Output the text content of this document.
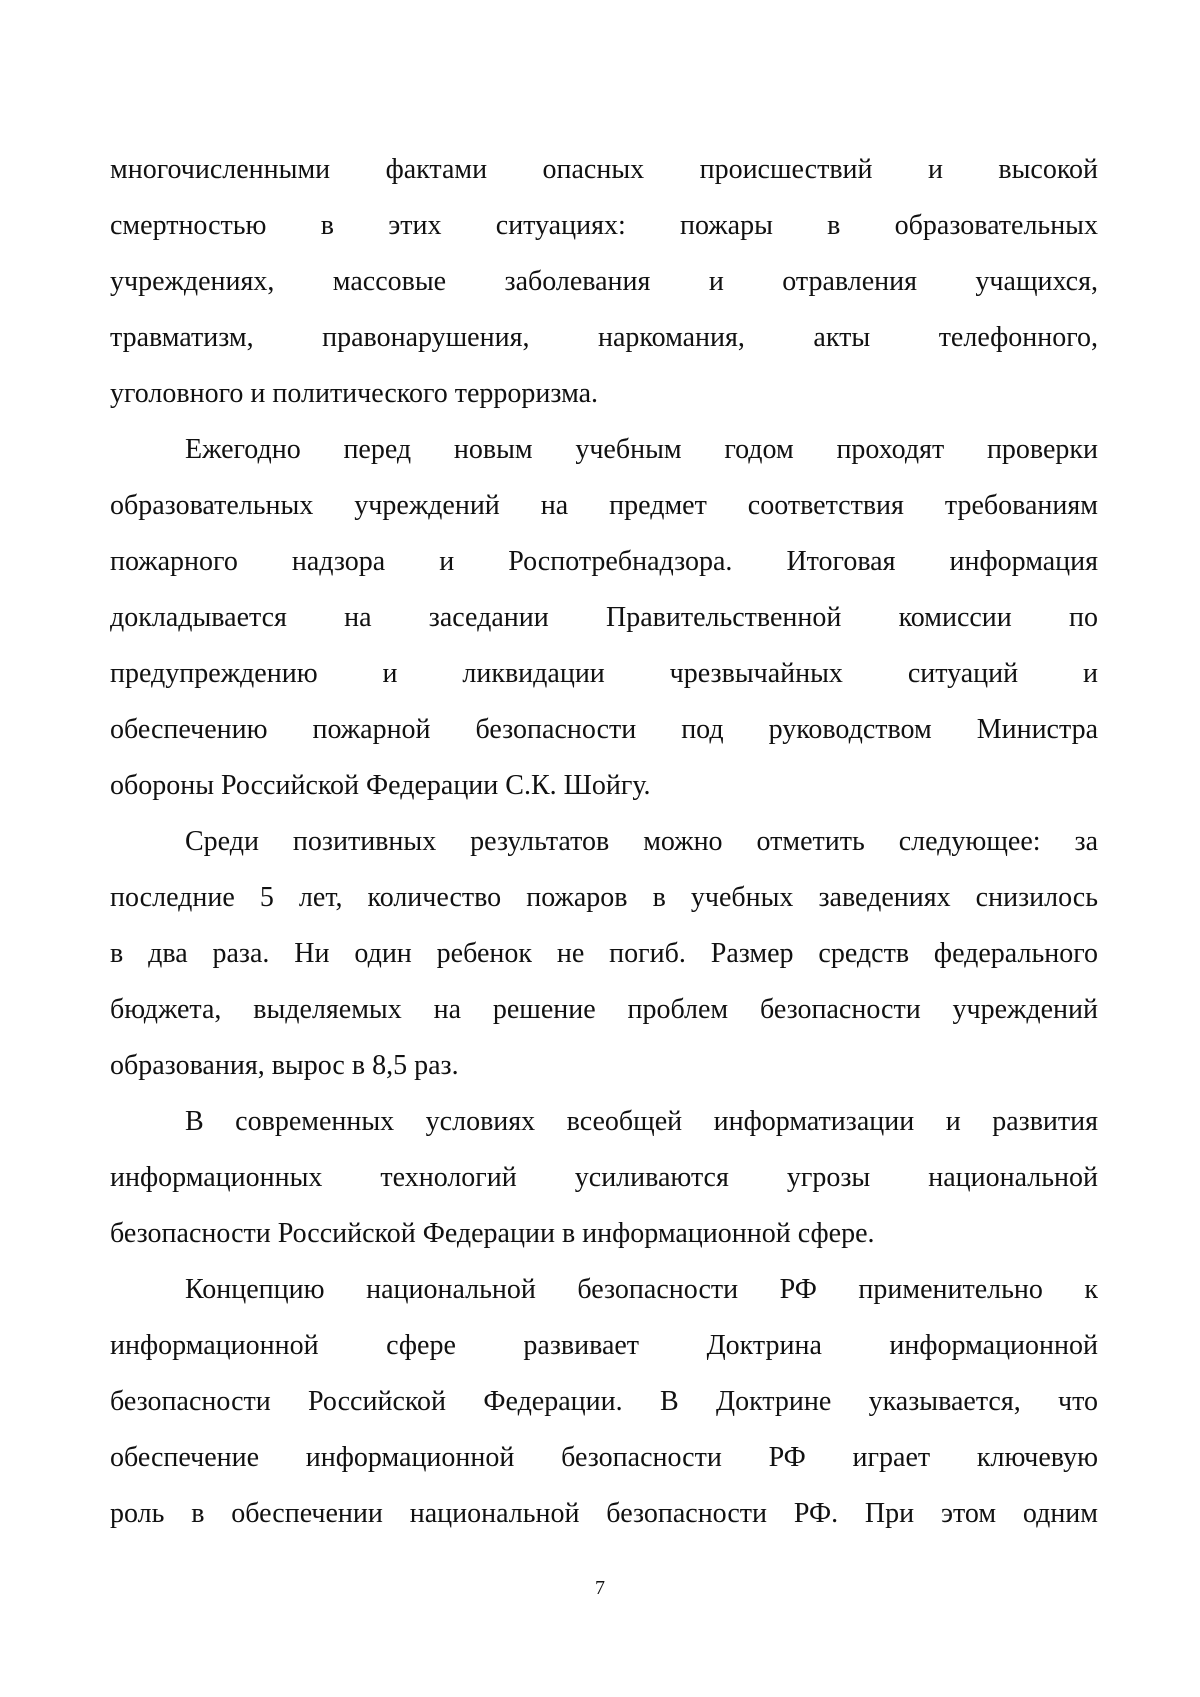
многочисленными фактами опасных происшествий и высокой
смертностью в этих ситуациях: пожары в образовательных
учреждениях, массовые заболевания и отравления учащихся,
травматизм, правонарушения, наркомания, акты телефонного,
уголовного и политического терроризма.
Ежегодно перед новым учебным годом проходят проверки
образовательных учреждений на предмет соответствия требованиям
пожарного надзора и Роспотребнадзора. Итоговая информация
докладывается на заседании Правительственной комиссии по
предупреждению и ликвидации чрезвычайных ситуаций и
обеспечению пожарной безопасности под руководством Министра
обороны Российской Федерации С.К. Шойгу.
Среди позитивных результатов можно отметить следующее: за
последние 5 лет, количество пожаров в учебных заведениях снизилось
в два раза. Ни один ребенок не погиб. Размер средств федерального
бюджета, выделяемых на решение проблем безопасности учреждений
образования, вырос в 8,5 раз.
В современных условиях всеобщей информатизации и развития
информационных технологий усиливаются угрозы национальной
безопасности Российской Федерации в информационной сфере.
Концепцию национальной безопасности РФ применительно к
информационной сфере развивает Доктрина информационной
безопасности Российской Федерации. В Доктрине указывается, что
обеспечение информационной безопасности РФ играет ключевую
роль в обеспечении национальной безопасности РФ. При этом одним
7
